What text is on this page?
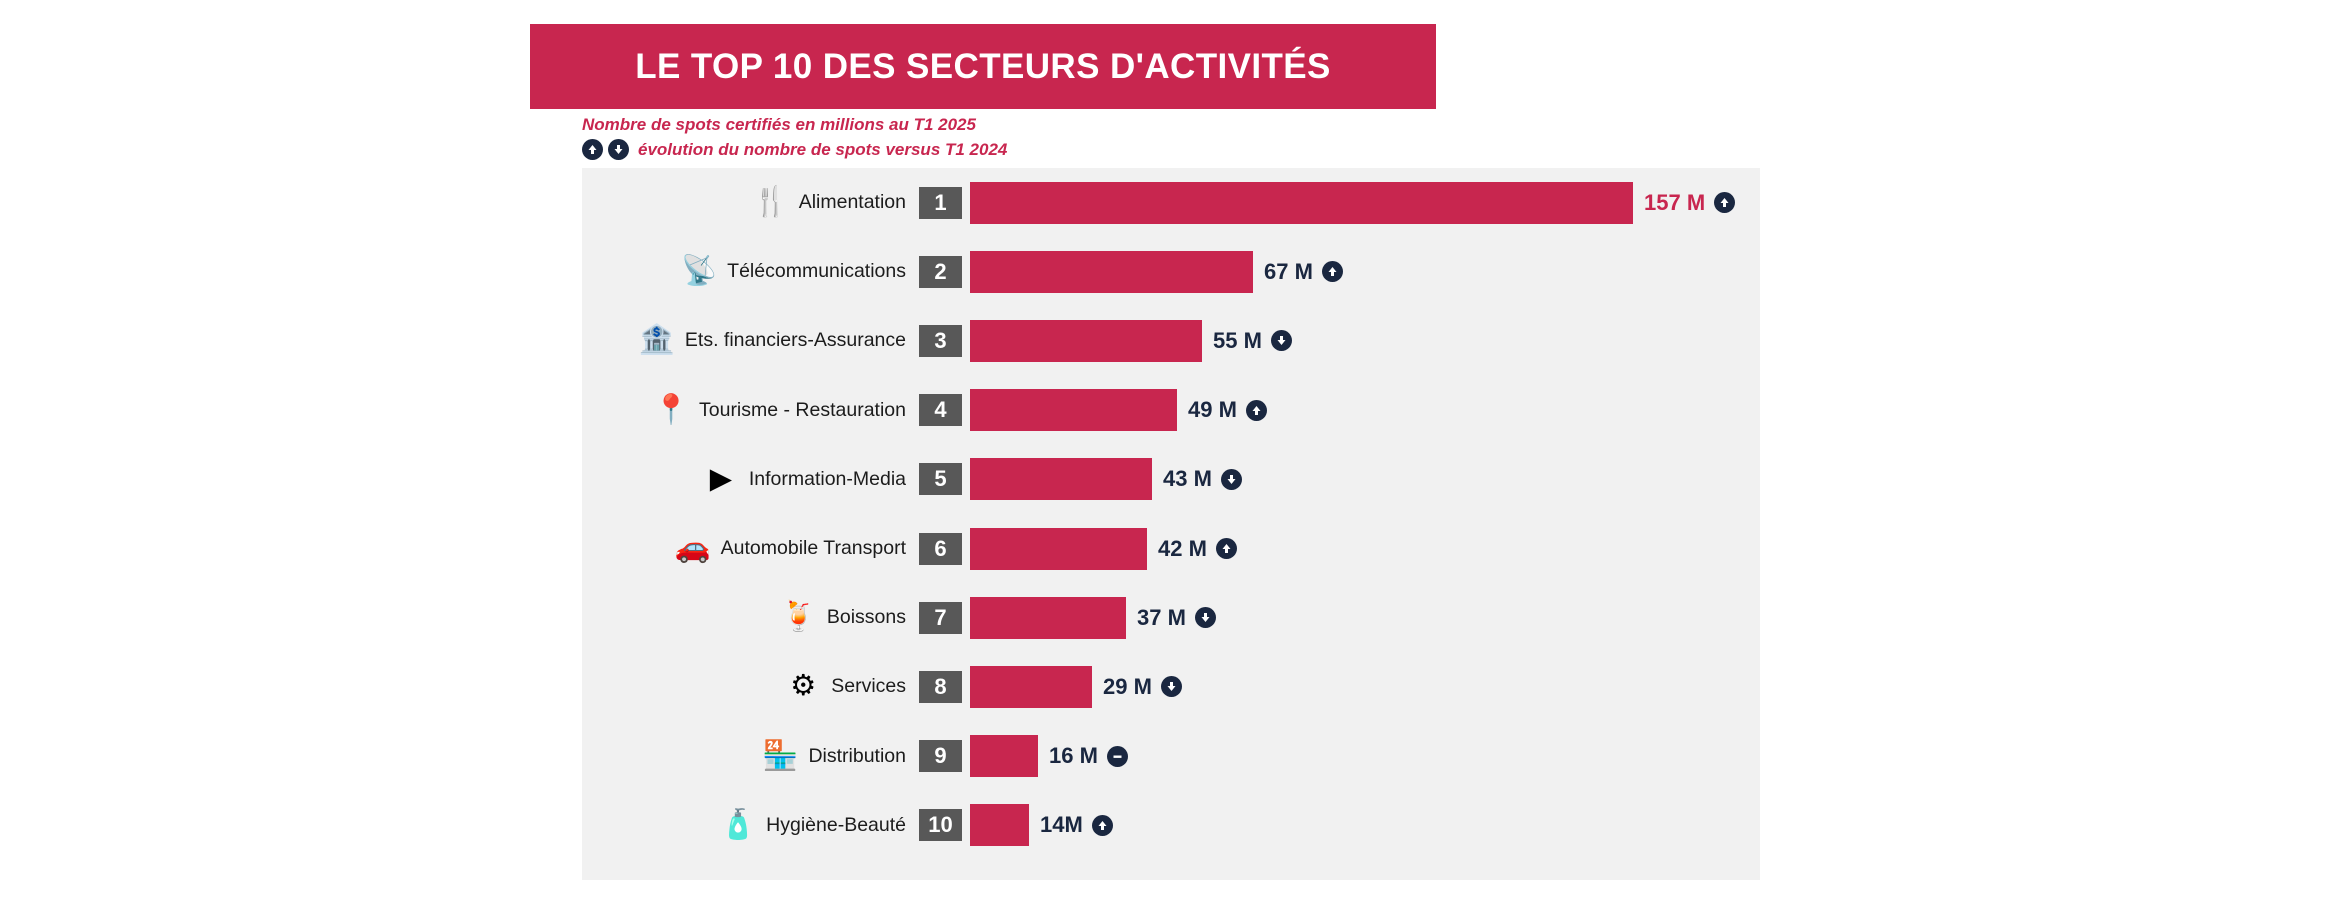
LE TOP 10 DES SECTEURS D'ACTIVITÉS
Nombre de spots certifiés en millions au T1 2025
évolution du nombre de spots versus T1 2024
🍴 Alimentation	1	157 M
📡 Télécommunications	2	67 M
🏦 Ets. financiers-Assurance	3	55 M
📍 Tourisme - Restauration	4	49 M
▶ Information-Media	5	43 M
🚗 Automobile Transport	6	42 M
🍹 Boissons	7	37 M
⚙ Services	8	29 M
🏪 Distribution	9	16 M
🧴 Hygiène-Beauté	10	14M
